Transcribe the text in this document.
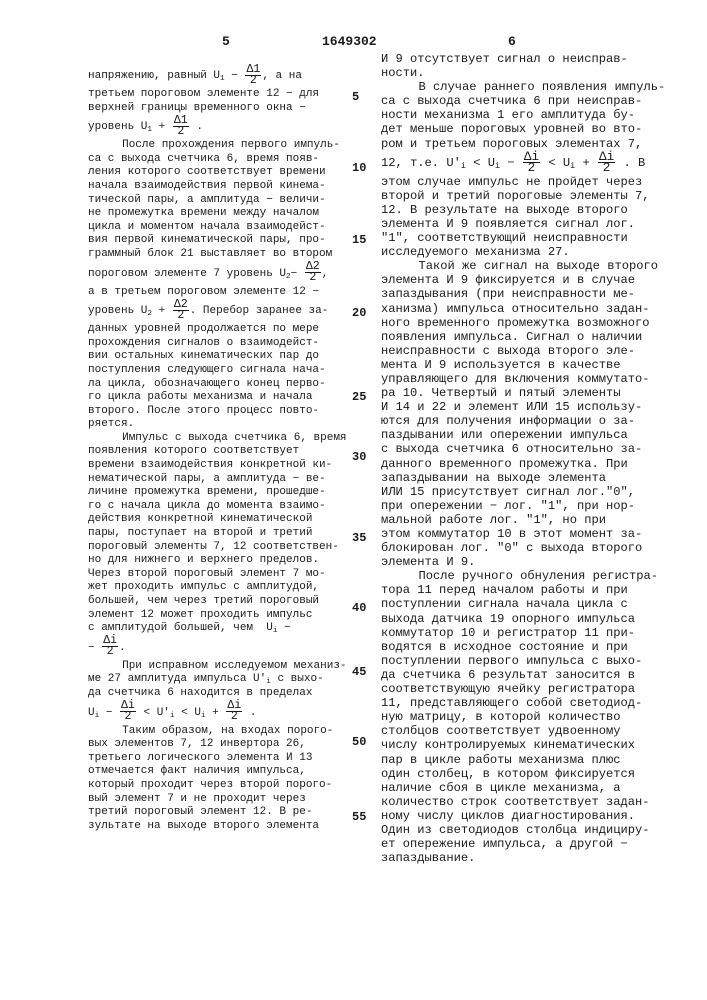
5	1649302	6
напряжению, равный U1 −
Δ1
2 , а на
третьем пороговом элементе 12 − для
верхней границы временного окна −
уровень U1 +
Δ1
2 .
После прохождения первого импуль-
са с выхода счетчика 6, время появ-
ления которого соответствует времени
начала взаимодействия первой кинема-
тической пары, а амплитуда − величи-
не промежутка времени между началом
цикла и моментом начала взаимодейст-
вия первой кинематической пары, про-
граммный блок 21 выставляет во втором
пороговом элементе 7 уровень U2−
Δ2
2 ,
а в третьем пороговом элементе 12 −
уровень U2 +
Δ2
2 . Перебор заранее за-
данных уровней продолжается по мере
прохождения сигналов о взаимодейст-
вии остальных кинематических пар до
поступления следующего сигнала нача-
ла цикла, обозначающего конец перво-
го цикла работы механизма и начала
второго. После этого процесс повто-
ряется.
Импульс с выхода счетчика 6, время
появления которого соответствует
времени взаимодействия конкретной ки-
нематической пары, а амплитуда − ве-
личине промежутка времени, прошедше-
го с начала цикла до момента взаимо-
действия конкретной кинематической
пары, поступает на второй и третий
пороговый элементы 7, 12 соответствен-
но для нижнего и верхнего пределов.
Через второй пороговый элемент 7 мо-
жет проходить импульс с амплитудой,
большей, чем через третий пороговый
элемент 12 может проходить импульс
с амплитудой большей, чем  Ui −
−
Δi
2 .
При исправном исследуемом механиз-
ме 27 амплитуда импульса U′i с выхо-
да счетчика 6 находится в пределах
Ui −
Δi
2 < U′i < Ui +
Δi
2 .
Таким образом, на входах порого-
вых элементов 7, 12 инвертора 26,
третьего логического элемента И 13
отмечается факт наличия импульса,
который проходит через второй порого-
вый элемент 7 и не проходит через
третий пороговый элемент 12. В ре-
зультате на выходе второго элемента
И 9 отсутствует сигнал о неисправ-
ности.
В случае раннего появления импуль-
са с выхода счетчика 6 при неисправ-
ности механизма 1 его амплитуда бу-
дет меньше пороговых уровней во вто-
ром и третьем пороговых элементах 7,
12, т.е. U′i < Ui − Δi
2 < Ui + Δi
2 . В
этом случае импульс не пройдет через
второй и третий пороговые элементы 7,
12. В результате на выходе второго
элемента И 9 появляется сигнал лог.
"1", соответствующий неисправности
исследуемого механизма 27.
Такой же сигнал на выходе второго
элемента И 9 фиксируется и в случае
запаздывания (при неисправности ме-
ханизма) импульса относительно задан-
ного временного промежутка возможного
появления импульса. Сигнал о наличии
неисправности с выхода второго эле-
мента И 9 используется в качестве
управляющего для включения коммутато-
ра 10. Четвертый и пятый элементы
И 14 и 22 и элемент ИЛИ 15 использу-
ются для получения информации о за-
паздывании или опережении импульса
с выхода счетчика 6 относительно за-
данного временного промежутка. При
запаздывании на выходе элемента
ИЛИ 15 присутствует сигнал лог."0",
при опережении − лог. "1", при нор-
мальной работе лог. "1", но при
этом коммутатор 10 в этот момент за-
блокирован лог. "0" с выхода второго
элемента И 9.
После ручного обнуления регистра-
тора 11 перед началом работы и при
поступлении сигнала начала цикла с
выхода датчика 19 опорного импульса
коммутатор 10 и регистратор 11 при-
водятся в исходное состояние и при
поступлении первого импульса с выхо-
да счетчика 6 результат заносится в
соответствующую ячейку регистратора
11, представляющего собой светодиод-
ную матрицу, в которой количество
столбцов соответствует удвоенному
числу контролируемых кинематических
пар в цикле работы механизма плюс
один столбец, в котором фиксируется
наличие сбоя в цикле механизма, а
количество строк соответствует задан-
ному числу циклов диагностирования.
Один из светодиодов столбца индициру-
ет опережение импульса, а другой −
запаздывание.
5
10
15
20
25
30
35
40
45
50
55
